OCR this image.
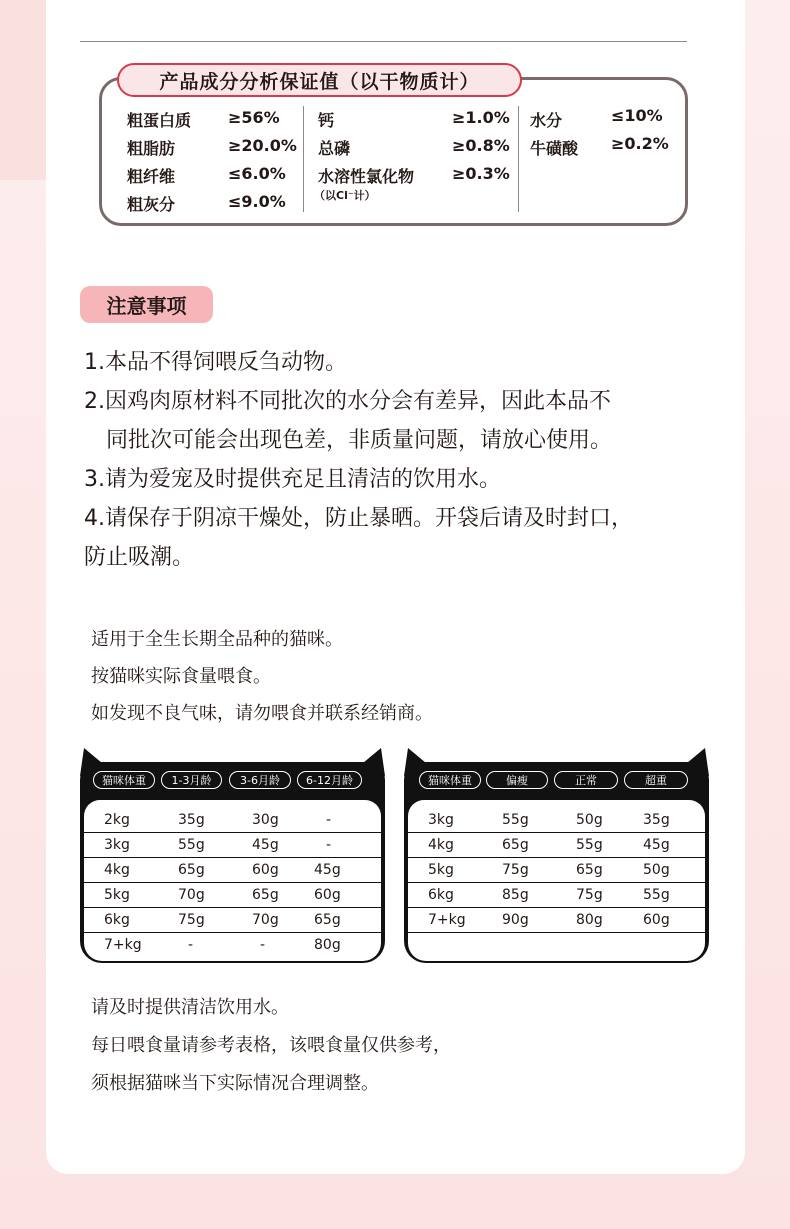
产品成分分析保证值（以干物质计）
粗蛋白质 ≥56%
粗脂肪	≥20.0%
粗纤维	≤6.0%
粗灰分	≤9.0%
钙	≥1.0%
总磷	≥0.8%
水溶性氯化物 ≥0.3%
（以Cl⁻计）
水分	≤10%
牛磺酸 ≥0.2%
注意事项
1.本品不得饲喂反刍动物。
2.因鸡肉原材料不同批次的水分会有差异，因此本品不
同批次可能会出现色差，非质量问题，请放心使用。
3.请为爱宠及时提供充足且清洁的饮用水。
4.请保存于阴凉干燥处，防止暴晒。开袋后请及时封口，
防止吸潮。
适用于全生长期全品种的猫咪。
按猫咪实际食量喂食。
如发现不良气味，请勿喂食并联系经销商。
猫咪体重	1-3月龄	3-6月龄	6-12月龄
2kg	35g	30g	-
3kg	55g	45g	-
4kg	65g	60g	45g
5kg	70g	65g	60g
6kg	75g	70g	65g
7+kg	-	-	80g
猫咪体重	偏瘦	正常	超重
3kg	55g	50g	35g
4kg	65g	55g	45g
5kg	75g	65g	50g
6kg	85g	75g	55g
7+kg	90g	80g	60g
请及时提供清洁饮用水。
每日喂食量请参考表格，该喂食量仅供参考，
须根据猫咪当下实际情况合理调整。
